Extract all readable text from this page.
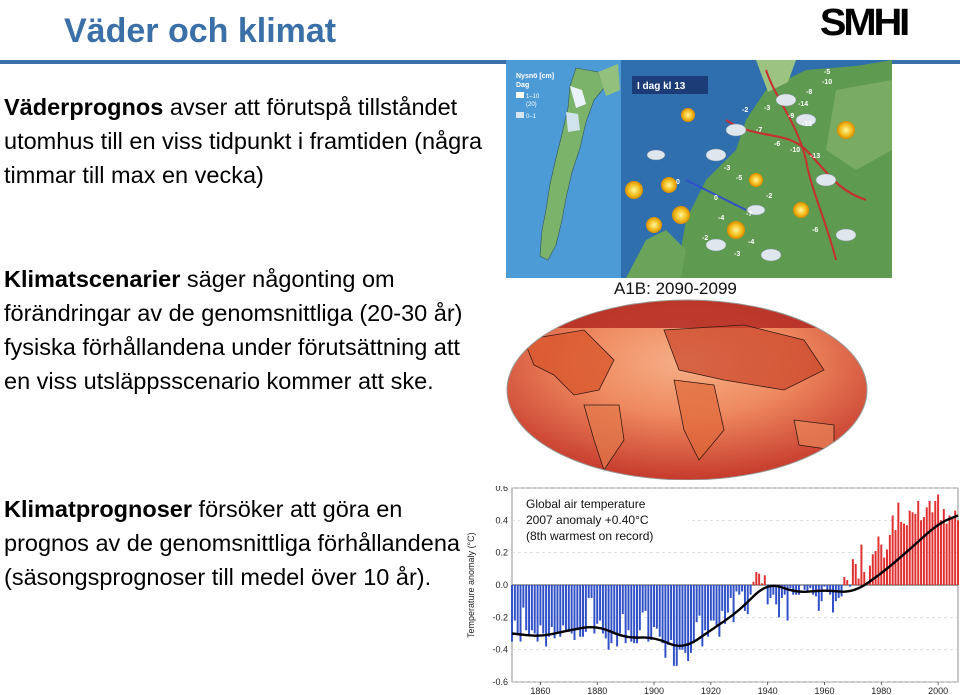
Väder och klimat	SMHI
Väderprognos avser att förutspå tillståndet utomhus till en viss tidpunkt i framtiden (några timmar till max en vecka)
Klimatscenarier säger någonting om förändringar av de genomsnittliga (20-30 år) fysiska förhållandena under förutsättning att en viss utsläppsscenario kommer att ske.
Klimatprognoser försöker att göra en prognos av de genomsnittliga förhållandena (säsongsprognoser till medel över 10 år).
Nysnö [cm]
Dag
1–10
(20)
0–1
I dag kl 13
-5
-10
-8
-14
-12
-9
-3
-2
-7
-10
-13
-6
-3
-5
0
0	-2
-4
-7
-2
-6
-4
-3
A1B: 2090-2099
0.6
0.4
0.2
0.0
-0.2
-0.4
-0.6
1860	1880	1900	1920	1940	1960	1980	2000
Temperature anomaly (°C)
Global air temperature
2007 anomaly +0.40°C
(8th warmest on record)
